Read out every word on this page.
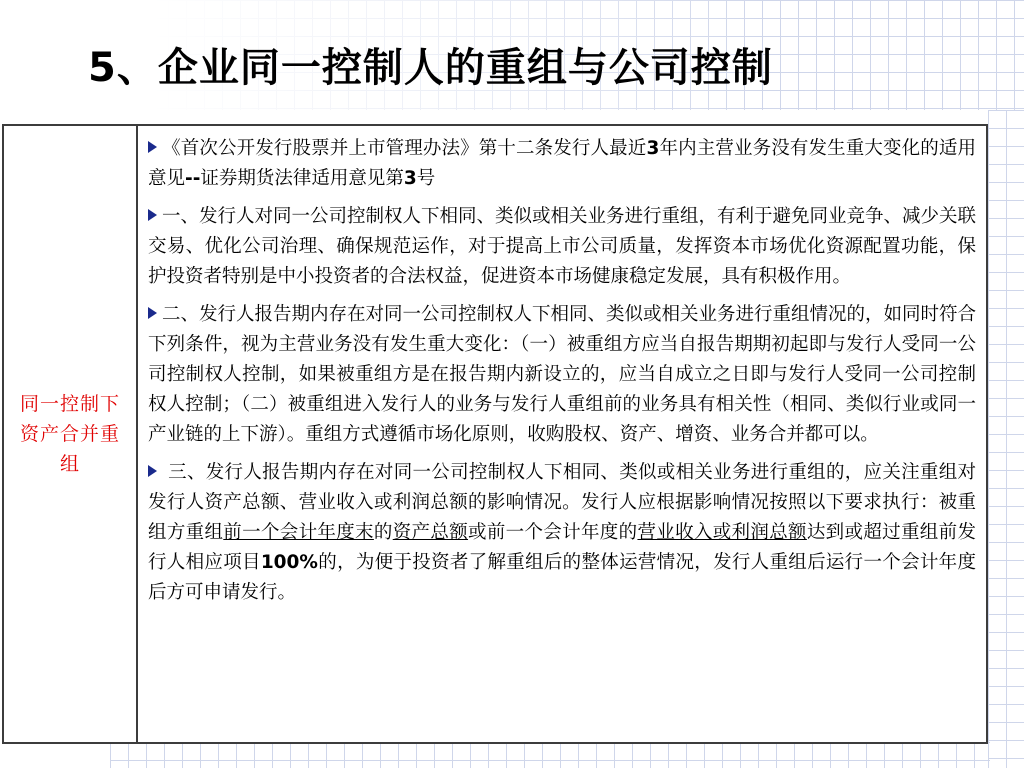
5、企业同一控制人的重组与公司控制
同一控制下资产合并重组

《首次公开发行股票并上市管理办法》第十二条发行人最近3年内主营业务没有发生重大变化的适用意见--证券期货法律适用意见第3号

一、发行人对同一公司控制权人下相同、类似或相关业务进行重组，有利于避免同业竞争、减少关联交易、优化公司治理、确保规范运作，对于提高上市公司质量，发挥资本市场优化资源配置功能，保护投资者特别是中小投资者的合法权益，促进资本市场健康稳定发展，具有积极作用。

二、发行人报告期内存在对同一公司控制权人下相同、类似或相关业务进行重组情况的，如同时符合下列条件，视为主营业务没有发生重大变化：（一）被重组方应当自报告期期初起即与发行人受同一公司控制权人控制，如果被重组方是在报告期内新设立的，应当自成立之日即与发行人受同一公司控制权人控制；（二）被重组进入发行人的业务与发行人重组前的业务具有相关性（相同、类似行业或同一产业链的上下游）。重组方式遵循市场化原则，收购股权、资产、增资、业务合并都可以。

三、发行人报告期内存在对同一公司控制权人下相同、类似或相关业务进行重组的，应关注重组对发行人资产总额、营业收入或利润总额的影响情况。发行人应根据影响情况按照以下要求执行：被重组方重组前一个会计年度末的资产总额或前一个会计年度的营业收入或利润总额达到或超过重组前发行人相应项目100%的，为便于投资者了解重组后的整体运营情况，发行人重组后运行一个会计年度后方可申请发行。
